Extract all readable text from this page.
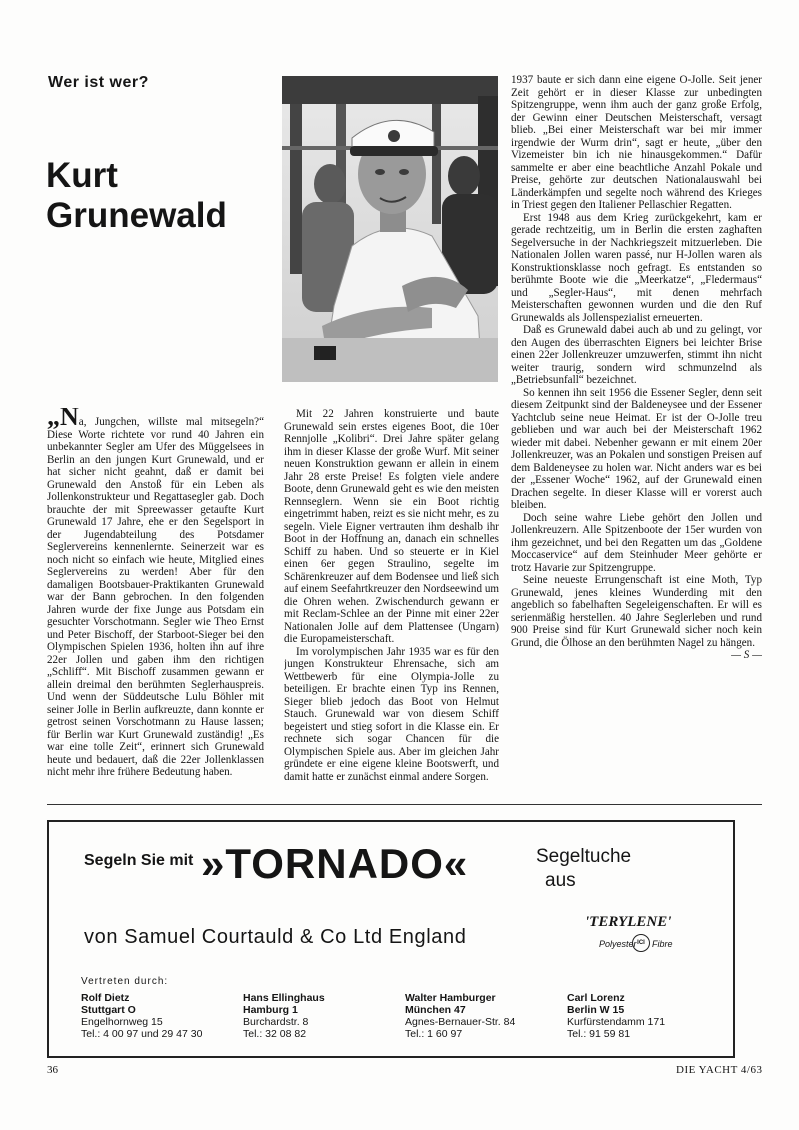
Wer ist wer?
Kurt
Grunewald

„Na, Jungchen, willste mal mitsegeln?“ Diese Worte richtete vor rund 40 Jahren ein unbekannter Segler am Ufer des Müggelsees in Berlin an den jungen Kurt Grunewald, und er hat sicher nicht geahnt, daß er damit bei Grunewald den Anstoß für ein Leben als Jollenkonstrukteur und Regattasegler gab. Doch brauchte der mit Spreewasser getaufte Kurt Grunewald 17 Jahre, ehe er den Segelsport in der Jugendabteilung des Potsdamer Seglervereins kennenlernte. Seinerzeit war es noch nicht so einfach wie heute, Mitglied eines Seglervereins zu werden! Aber für den damaligen Bootsbauer-Praktikanten Grunewald war der Bann gebrochen. In den folgenden Jahren wurde der fixe Junge aus Potsdam ein gesuchter Vorschotmann. Segler wie Theo Ernst und Peter Bischoff, der Starboot-Sieger bei den Olympischen Spielen 1936, holten ihn auf ihre 22er Jollen und gaben ihm den richtigen „Schliff“. Mit Bischoff zusammen gewann er allein dreimal den berühmten Seglerhauspreis. Und wenn der Süddeutsche Lulu Böhler mit seiner Jolle in Berlin aufkreuzte, dann konnte er getrost seinen Vorschotmann zu Hause lassen; für Berlin war Kurt Grunewald zuständig! „Es war eine tolle Zeit“, erinnert sich Grunewald heute und bedauert, daß die 22er Jollenklassen nicht mehr ihre frühere Bedeutung haben.

Mit 22 Jahren konstruierte und baute Grunewald sein erstes eigenes Boot, die 10er Rennjolle „Kolibri“. Drei Jahre später gelang ihm in dieser Klasse der große Wurf. Mit seiner neuen Konstruktion gewann er allein in einem Jahr 28 erste Preise! Es folgten viele andere Boote, denn Grunewald geht es wie den meisten Rennseglern. Wenn sie ein Boot richtig eingetrimmt haben, reizt es sie nicht mehr, es zu segeln. Viele Eigner vertrauten ihm deshalb ihr Boot in der Hoffnung an, danach ein schnelles Schiff zu haben. Und so steuerte er in Kiel einen 6er gegen Straulino, segelte im Schärenkreuzer auf dem Bodensee und ließ sich auf einem Seefahrtkreuzer den Nordseewind um die Ohren wehen. Zwischendurch gewann er mit Reclam-Schlee an der Pinne mit einer 22er Nationalen Jolle auf dem Plattensee (Ungarn) die Europameisterschaft.

Im vorolympischen Jahr 1935 war es für den jungen Konstrukteur Ehrensache, sich am Wettbewerb für eine Olympia-Jolle zu beteiligen. Er brachte einen Typ ins Rennen, Sieger blieb jedoch das Boot von Helmut Stauch. Grunewald war von diesem Schiff begeistert und stieg sofort in die Klasse ein. Er rechnete sich sogar Chancen für die Olympischen Spiele aus. Aber im gleichen Jahr gründete er eine eigene kleine Bootswerft, und damit hatte er zunächst einmal andere Sorgen.

1937 baute er sich dann eine eigene O-Jolle. Seit jener Zeit gehört er in dieser Klasse zur unbedingten Spitzengruppe, wenn ihm auch der ganz große Erfolg, der Gewinn einer Deutschen Meisterschaft, versagt blieb. „Bei einer Meisterschaft war bei mir immer irgendwie der Wurm drin“, sagt er heute, „über den Vizemeister bin ich nie hinausgekommen.“ Dafür sammelte er aber eine beachtliche Anzahl Pokale und Preise, gehörte zur deutschen Nationalauswahl bei Länderkämpfen und segelte noch während des Krieges in Triest gegen den Italiener Pellaschier Regatten.

Erst 1948 aus dem Krieg zurückgekehrt, kam er gerade rechtzeitig, um in Berlin die ersten zaghaften Segelversuche in der Nachkriegszeit mitzuerleben. Die Nationalen Jollen waren passé, nur H-Jollen waren als Konstruktionsklasse noch gefragt. Es entstanden so berühmte Boote wie die „Meerkatze“, „Fledermaus“ und „Segler-Haus“, mit denen mehrfach Meisterschaften gewonnen wurden und die den Ruf Grunewalds als Jollenspezialist erneuerten.

Daß es Grunewald dabei auch ab und zu gelingt, vor den Augen des überraschten Eigners bei leichter Brise einen 22er Jollenkreuzer umzuwerfen, stimmt ihn nicht weiter traurig, sondern wird schmunzelnd als „Betriebsunfall“ bezeichnet.

So kennen ihn seit 1956 die Essener Segler, denn seit diesem Zeitpunkt sind der Baldeneysee und der Essener Yachtclub seine neue Heimat. Er ist der O-Jolle treu geblieben und war auch bei der Meisterschaft 1962 wieder mit dabei. Nebenher gewann er mit einem 20er Jollenkreuzer, was an Pokalen und sonstigen Preisen auf dem Baldeneysee zu holen war. Nicht anders war es bei der „Essener Woche“ 1962, auf der Grunewald einen Drachen segelte. In dieser Klasse will er vorerst auch bleiben.

Doch seine wahre Liebe gehört den Jollen und Jollenkreuzern. Alle Spitzenboote der 15er wurden von ihm gezeichnet, und bei den Regatten um das „Goldene Moccaservice“ auf dem Steinhuder Meer gehörte er trotz Havarie zur Spitzengruppe.

Seine neueste Errungenschaft ist eine Moth, Typ Grunewald, jenes kleines Wunderding mit den angeblich so fabelhaften Segeleigenschaften. Er will es serienmäßig herstellen. 40 Jahre Seglerleben und rund 900 Preise sind für Kurt Grunewald sicher noch kein Grund, die Ölhose an den berühmten Nagel zu hängen.

— S —
Segeln Sie mit »TORNADO«	Segeltuche
aus
'TERYLENE'
Polyester ICI Fibre
von Samuel Courtauld & Co Ltd England
Vertreten durch:
Rolf Dietz
Stuttgart O
Engelhornweg 15
Tel.: 4 00 97 und 29 47 30
Hans Ellinghaus
Hamburg 1
Burchardstr. 8
Tel.: 32 08 82
Walter Hamburger
München 47
Agnes-Bernauer-Str. 84
Tel.: 1 60 97
Carl Lorenz
Berlin W 15
Kurfürstendamm 171
Tel.: 91 59 81
36	DIE YACHT 4/63
